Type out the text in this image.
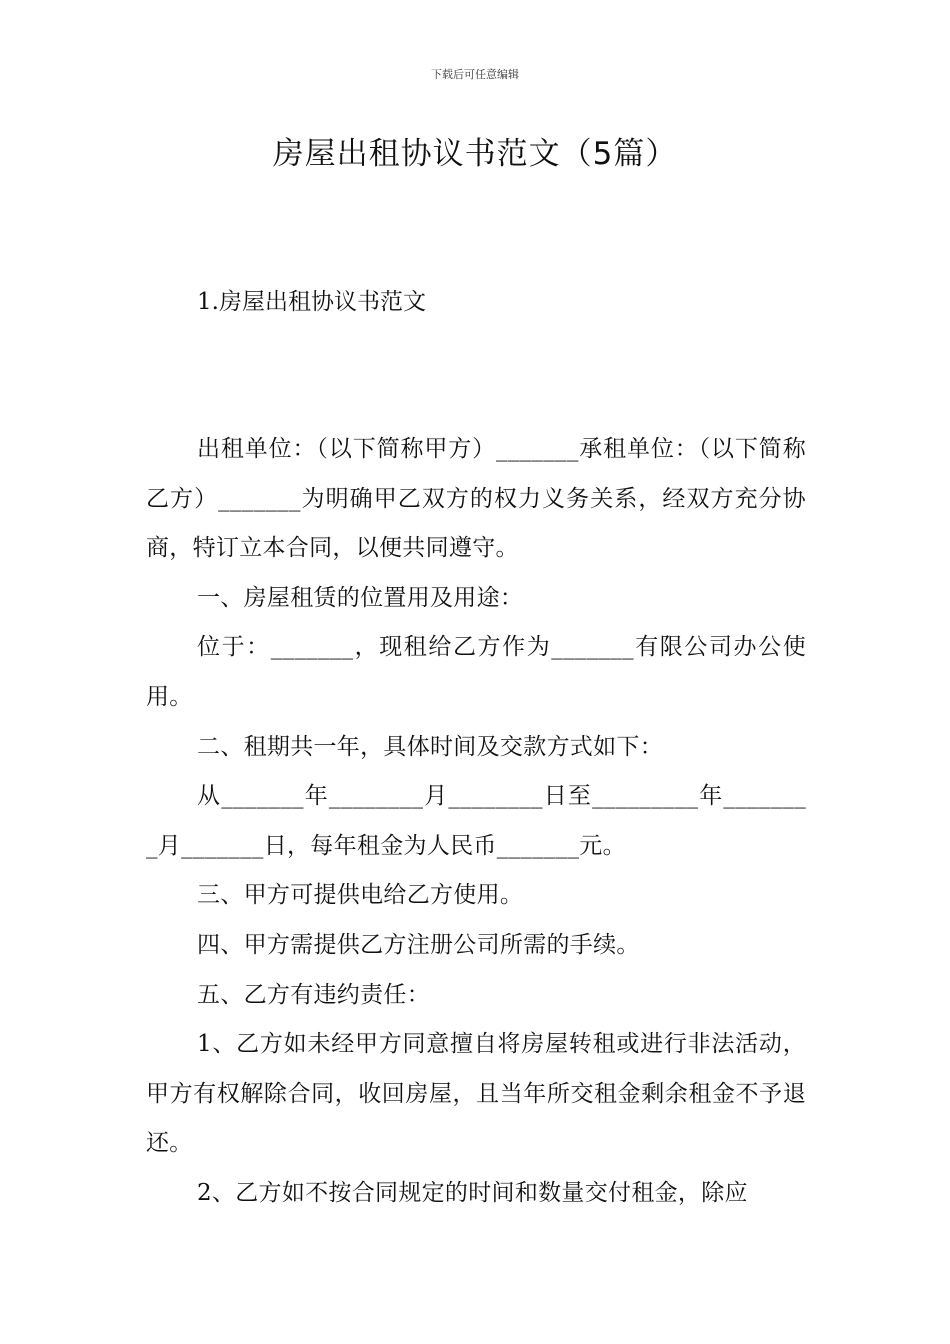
下载后可任意编辑
房屋出租协议书范文（5篇）
1.房屋出租协议书范文

出租单位：（以下简称甲方）_______承租单位：（以下简称乙方）_______为明确甲乙双方的权力义务关系，经双方充分协商，特订立本合同，以便共同遵守。

一、房屋租赁的位置用及用途：

位于：_______，现租给乙方作为_______有限公司办公使用。

二、租期共一年，具体时间及交款方式如下：

从_______年________月________日至_________年________月_______日，每年租金为人民币_______元。

三、甲方可提供电给乙方使用。

四、甲方需提供乙方注册公司所需的手续。

五、乙方有违约责任：

1、乙方如未经甲方同意擅自将房屋转租或进行非法活动，甲方有权解除合同，收回房屋，且当年所交租金剩余租金不予退还。

2、乙方如不按合同规定的时间和数量交付租金，除应
